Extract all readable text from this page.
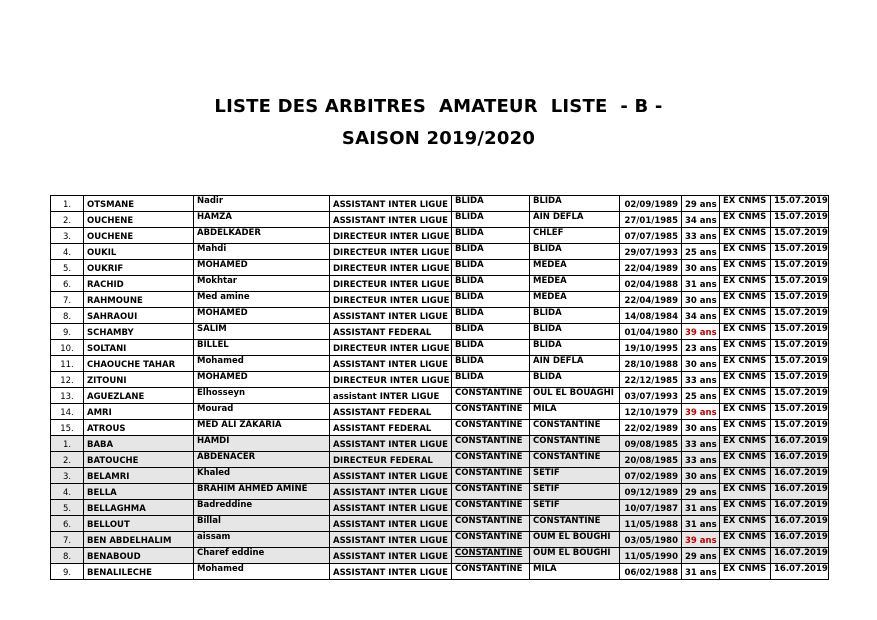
LISTE DES ARBITRES  AMATEUR  LISTE  - B -
SAISON 2019/2020
1.	OTSMANE	Nadir	ASSISTANT INTER LIGUE	BLIDA	BLIDA	02/09/1989	29 ans	EX CNMS	15.07.2019
2.	OUCHENE	HAMZA	ASSISTANT INTER LIGUE	BLIDA	AIN DEFLA	27/01/1985	34 ans	EX CNMS	15.07.2019
3.	OUCHENE	ABDELKADER	DIRECTEUR INTER LIGUE	BLIDA	CHLEF	07/07/1985	33 ans	EX CNMS	15.07.2019
4.	OUKIL	Mahdi	DIRECTEUR INTER LIGUE	BLIDA	BLIDA	29/07/1993	25 ans	EX CNMS	15.07.2019
5.	OUKRIF	MOHAMED	DIRECTEUR INTER LIGUE	BLIDA	MEDEA	22/04/1989	30 ans	EX CNMS	15.07.2019
6.	RACHID	Mokhtar	DIRECTEUR INTER LIGUE	BLIDA	MEDEA	02/04/1988	31 ans	EX CNMS	15.07.2019
7.	RAHMOUNE	Med amine	DIRECTEUR INTER LIGUE	BLIDA	MEDEA	22/04/1989	30 ans	EX CNMS	15.07.2019
8.	SAHRAOUI	MOHAMED	ASSISTANT INTER LIGUE	BLIDA	BLIDA	14/08/1984	34 ans	EX CNMS	15.07.2019
9.	SCHAMBY	SALIM	ASSISTANT FEDERAL	BLIDA	BLIDA	01/04/1980	39 ans	EX CNMS	15.07.2019
10.	SOLTANI	BILLEL	DIRECTEUR INTER LIGUE	BLIDA	BLIDA	19/10/1995	23 ans	EX CNMS	15.07.2019
11.	CHAOUCHE TAHAR	Mohamed	ASSISTANT INTER LIGUE	BLIDA	AIN DEFLA	28/10/1988	30 ans	EX CNMS	15.07.2019
12.	ZITOUNI	MOHAMED	DIRECTEUR INTER LIGUE	BLIDA	BLIDA	22/12/1985	33 ans	EX CNMS	15.07.2019
13.	AGUEZLANE	Elhosseyn	assistant INTER LIGUE	CONSTANTINE	OUL EL BOUAGHI	03/07/1993	25 ans	EX CNMS	15.07.2019
14.	AMRI	Mourad	ASSISTANT FEDERAL	CONSTANTINE	MILA	12/10/1979	39 ans	EX CNMS	15.07.2019
15.	ATROUS	MED ALI ZAKARIA	ASSISTANT FEDERAL	CONSTANTINE	CONSTANTINE	22/02/1989	30 ans	EX CNMS	15.07.2019
1.	BABA	HAMDI	ASSISTANT INTER LIGUE	CONSTANTINE	CONSTANTINE	09/08/1985	33 ans	EX CNMS	16.07.2019
2.	BATOUCHE	ABDENACER	DIRECTEUR FEDERAL	CONSTANTINE	CONSTANTINE	20/08/1985	33 ans	EX CNMS	16.07.2019
3.	BELAMRI	Khaled	ASSISTANT INTER LIGUE	CONSTANTINE	SETIF	07/02/1989	30 ans	EX CNMS	16.07.2019
4.	BELLA	BRAHIM AHMED AMINE	ASSISTANT INTER LIGUE	CONSTANTINE	SETIF	09/12/1989	29 ans	EX CNMS	16.07.2019
5.	BELLAGHMA	Badreddine	ASSISTANT INTER LIGUE	CONSTANTINE	SETIF	10/07/1987	31 ans	EX CNMS	16.07.2019
6.	BELLOUT	Billal	ASSISTANT INTER LIGUE	CONSTANTINE	CONSTANTINE	11/05/1988	31 ans	EX CNMS	16.07.2019
7.	BEN ABDELHALIM	aissam	ASSISTANT INTER LIGUE	CONSTANTINE	OUM EL BOUGHI	03/05/1980	39 ans	EX CNMS	16.07.2019
8.	BENABOUD	Charef eddine	ASSISTANT INTER LIGUE	CONSTANTINE	OUM EL BOUGHI	11/05/1990	29 ans	EX CNMS	16.07.2019
9.	BENALILECHE	Mohamed	ASSISTANT INTER LIGUE	CONSTANTINE	MILA	06/02/1988	31 ans	EX CNMS	16.07.2019
